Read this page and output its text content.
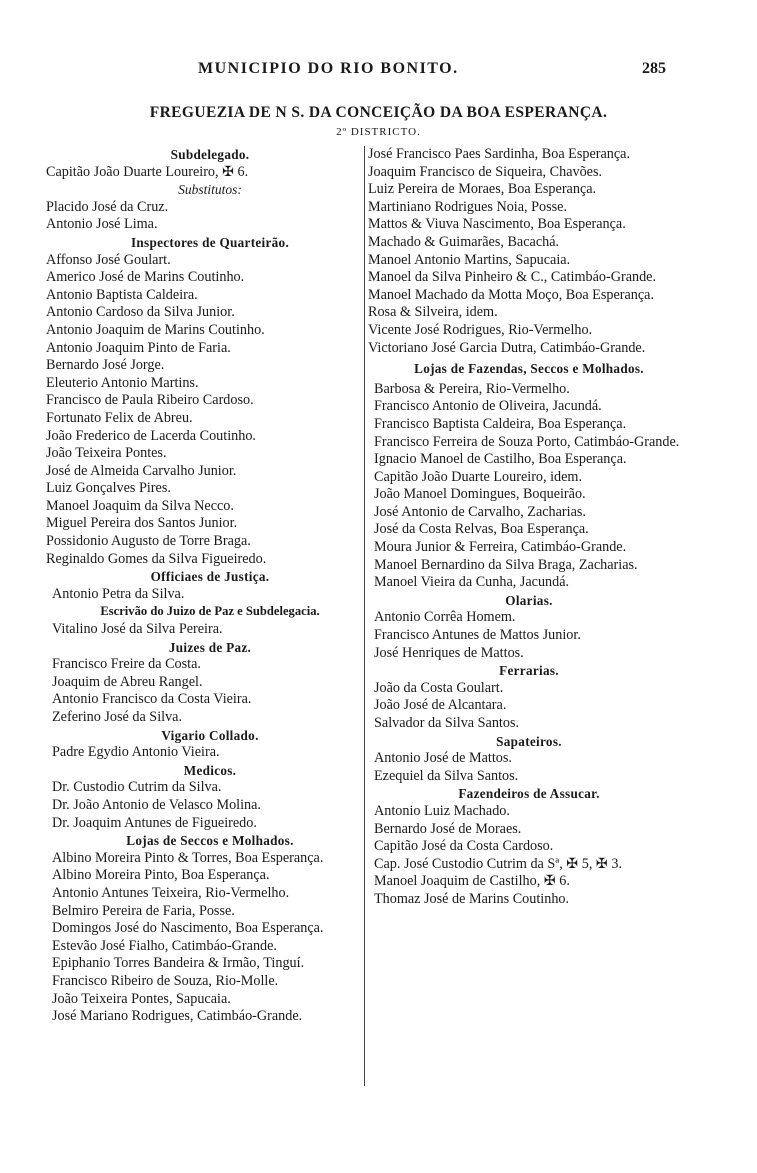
MUNICIPIO DO RIO BONITO.	285
FREGUEZIA DE N S. DA CONCEIÇÃO DA BOA ESPERANÇA.
2º DISTRICTO.
Subdelegado.
Capitão João Duarte Loureiro, ✠ 6.
Substitutos:
Placido José da Cruz.
Antonio José Lima.
Inspectores de Quarteirão.
Affonso José Goulart.
Americo José de Marins Coutinho.
Antonio Baptista Caldeira.
Antonio Cardoso da Silva Junior.
Antonio Joaquim de Marins Coutinho.
Antonio Joaquim Pinto de Faria.
Bernardo José Jorge.
Eleuterio Antonio Martins.
Francisco de Paula Ribeiro Cardoso.
Fortunato Felix de Abreu.
João Frederico de Lacerda Coutinho.
João Teixeira Pontes.
José de Almeida Carvalho Junior.
Luiz Gonçalves Pires.
Manoel Joaquim da Silva Necco.
Miguel Pereira dos Santos Junior.
Possidonio Augusto de Torre Braga.
Reginaldo Gomes da Silva Figueiredo.
Officiaes de Justiça.
Antonio Petra da Silva.
Escrivão do Juizo de Paz e Subdelegacia.
Vitalino José da Silva Pereira.
Juizes de Paz.
Francisco Freire da Costa.
Joaquim de Abreu Rangel.
Antonio Francisco da Costa Vieira.
Zeferino José da Silva.
Vigario Collado.
Padre Egydio Antonio Vieira.
Medicos.
Dr. Custodio Cutrim da Silva.
Dr. João Antonio de Velasco Molina.
Dr. Joaquim Antunes de Figueiredo.
Lojas de Seccos e Molhados.
Albino Moreira Pinto & Torres, Boa Esperança.
Albino Moreira Pinto, Boa Esperança.
Antonio Antunes Teixeira, Rio-Vermelho.
Belmiro Pereira de Faria, Posse.
Domingos José do Nascimento, Boa Esperança.
Estevão José Fialho, Catimbáo-Grande.
Epiphanio Torres Bandeira & Irmão, Tinguí.
Francisco Ribeiro de Souza, Rio-Molle.
João Teixeira Pontes, Sapucaia.
José Mariano Rodrigues, Catimbáo-Grande.
José Francisco Paes Sardinha, Boa Esperança.
Joaquim Francisco de Siqueira, Chavões.
Luiz Pereira de Moraes, Boa Esperança.
Martiniano Rodrigues Noia, Posse.
Mattos & Viuva Nascimento, Boa Esperança.
Machado & Guimarães, Bacachá.
Manoel Antonio Martins, Sapucaia.
Manoel da Silva Pinheiro & C., Catimbáo-Grande.
Manoel Machado da Motta Moço, Boa Esperança.
Rosa & Silveira, idem.
Vicente José Rodrigues, Rio-Vermelho.
Victoriano José Garcia Dutra, Catimbáo-Grande.
Lojas de Fazendas, Seccos e Molhados.
Barbosa & Pereira, Rio-Vermelho.
Francisco Antonio de Oliveira, Jacundá.
Francisco Baptista Caldeira, Boa Esperança.
Francisco Ferreira de Souza Porto, Catimbáo-Grande.
Ignacio Manoel de Castilho, Boa Esperança.
Capitão João Duarte Loureiro, idem.
João Manoel Domingues, Boqueirão.
José Antonio de Carvalho, Zacharias.
José da Costa Relvas, Boa Esperança.
Moura Junior & Ferreira, Catimbáo-Grande.
Manoel Bernardino da Silva Braga, Zacharias.
Manoel Vieira da Cunha, Jacundá.
Olarias.
Antonio Corrêa Homem.
Francisco Antunes de Mattos Junior.
José Henriques de Mattos.
Ferrarias.
João da Costa Goulart.
João José de Alcantara.
Salvador da Silva Santos.
Sapateiros.
Antonio José de Mattos.
Ezequiel da Silva Santos.
Fazendeiros de Assucar.
Antonio Luiz Machado.
Bernardo José de Moraes.
Capitão José da Costa Cardoso.
Cap. José Custodio Cutrim da Sª, ✠ 5, ✠ 3.
Manoel Joaquim de Castilho, ✠ 6.
Thomaz José de Marins Coutinho.
